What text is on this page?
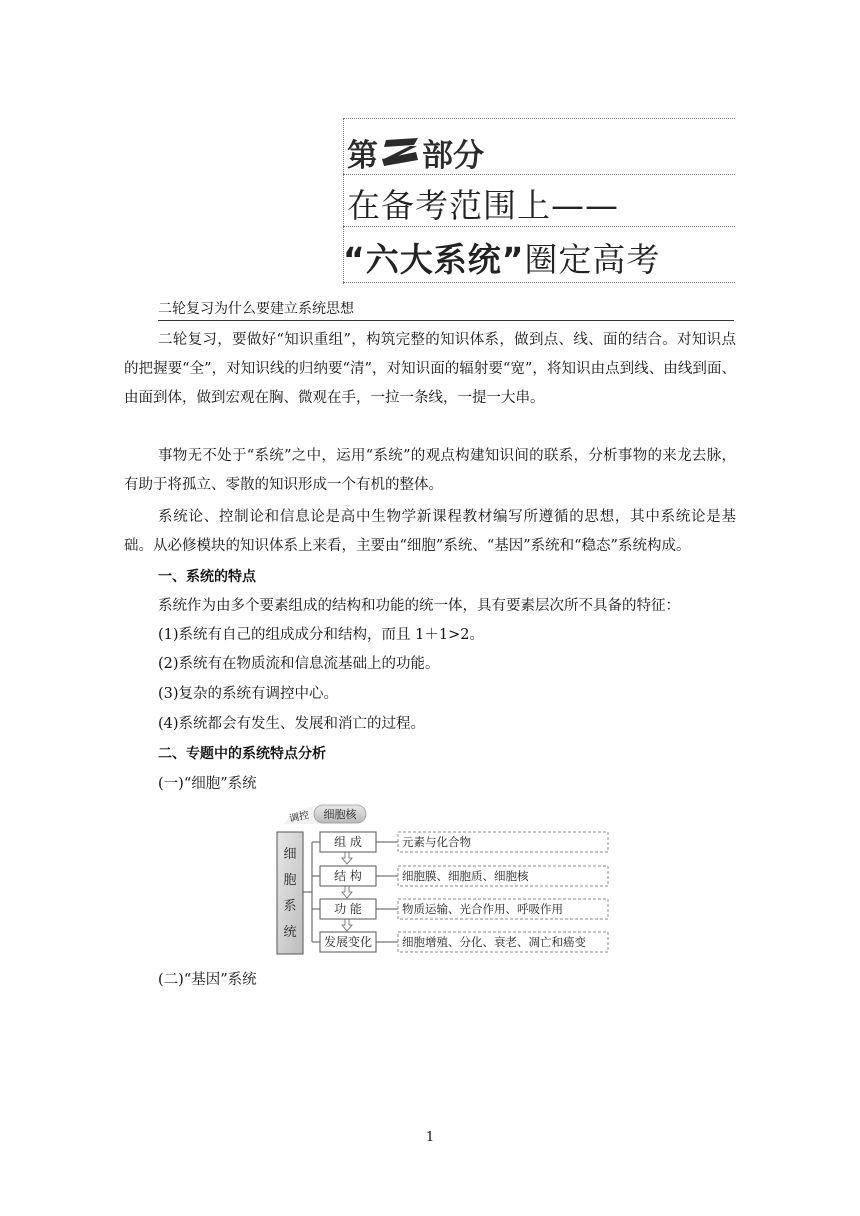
第 部分
在备考范围上——
“六大系统”圈定高考
二轮复习为什么要建立系统思想
二轮复习，要做好“知识重组”，构筑完整的知识体系，做到点、线、面的结合。对知识点的把握要“全”，对知识线的归纳要“清”，对知识面的辐射要“宽”，将知识由点到线、由线到面、由面到体，做到宏观在胸、微观在手，一拉一条线，一提一大串。
事物无不处于“系统”之中，运用“系统”的观点构建知识间的联系，分析事物的来龙去脉，有助于将孤立、零散的知识形成一个有机的整体。
系统论、控制论和信息论是高中生物学新课程教材编写所遵循的思想，其中系统论是基础。从必修模块的知识体系上来看，主要由“细胞”系统、“基因”系统和“稳态”系统构成。
一、系统的特点
系统作为由多个要素组成的结构和功能的统一体，具有要素层次所不具备的特征：
(1)系统有自己的组成成分和结构，而且 1＋1>2。
(2)系统有在物质流和信息流基础上的功能。
(3)复杂的系统有调控中心。
(4)系统都会有发生、发展和消亡的过程。
二、专题中的系统特点分析
(一)“细胞”系统
调控 细胞核
细
胞
系
统
组 成
结 构
功 能
发展变化
元素与化合物
细胞膜、细胞质、细胞核
物质运输、光合作用、呼吸作用
细胞增殖、分化、衰老、凋亡和癌变
(二)“基因”系统
1
